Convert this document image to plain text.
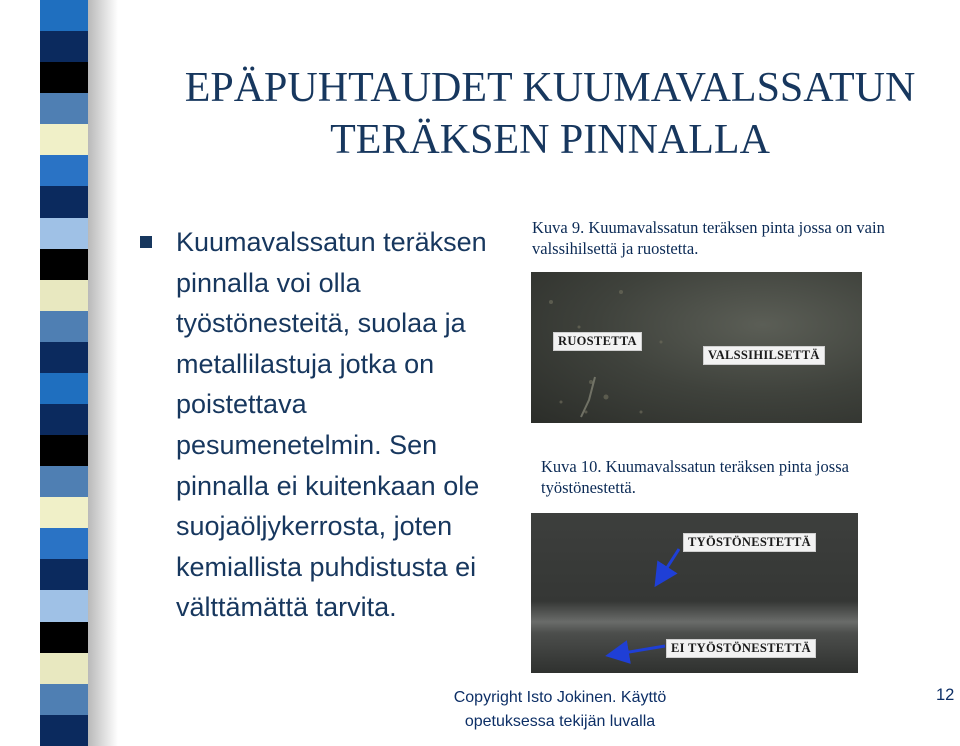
EPÄPUHTAUDET KUUMAVALSSATUN
TERÄKSEN PINNALLA
Kuumavalssatun teräksen pinnalla voi olla työstönesteitä, suolaa ja metallilastuja jotka on poistettava pesumenetelmin. Sen pinnalla ei kuitenkaan ole suojaöljykerrosta, joten kemiallista puhdistusta ei välttämättä tarvita.
Kuva 9. Kuumavalssatun teräksen pinta jossa on vain valssihilsettä ja ruostetta.
RUOSTETTA
VALSSIHILSETTÄ
Kuva 10. Kuumavalssatun teräksen pinta jossa työstönestettä.
TYÖSTÖNESTETTÄ
EI TYÖSTÖNESTETTÄ
Copyright Isto Jokinen. Käyttö
opetuksessa tekijän luvalla
12
